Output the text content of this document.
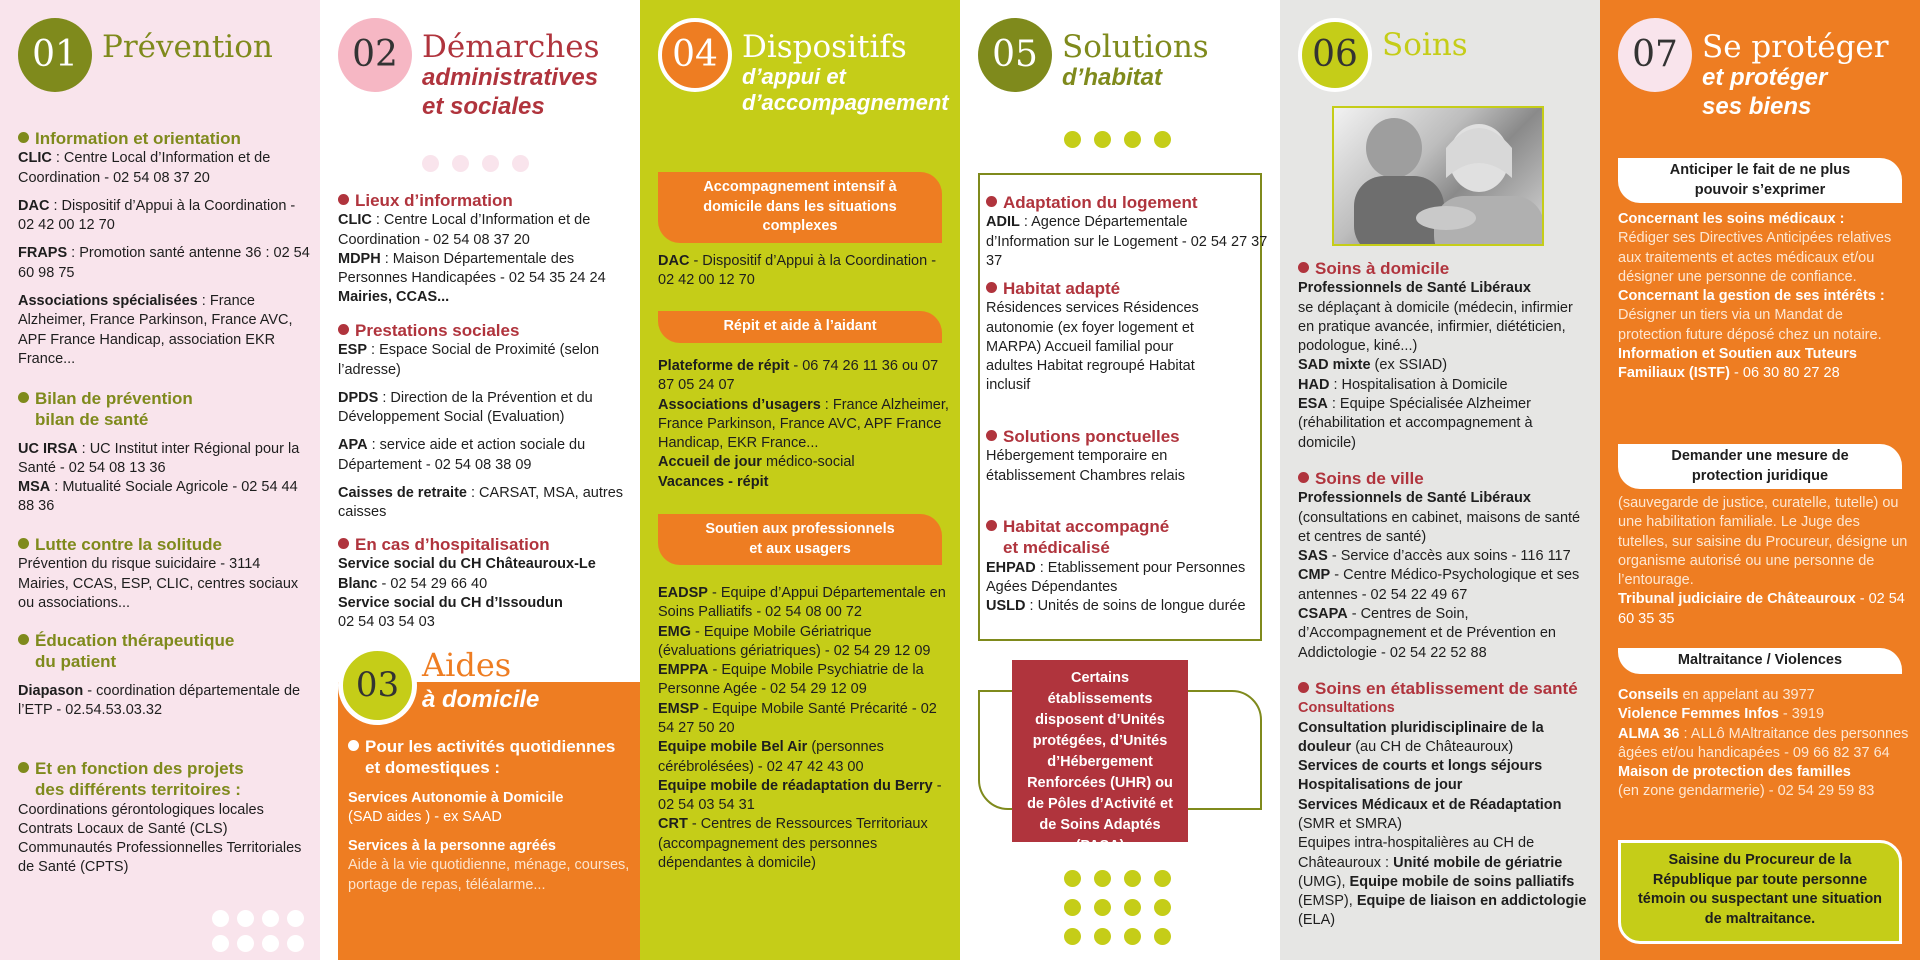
01 Prévention
Information et orientation

CLIC : Centre Local d’Information et de Coordination - 02 54 08 37 20

DAC : Dispositif d’Appui à la Coordination - 02 42 00 12 70

FRAPS : Promotion santé antenne 36 : 02 54 60 98 75

Associations spécialisées : France Alzheimer, France Parkinson, France AVC, APF France Handicap, association EKR France...

Bilan de prévention
bilan de santé

UC IRSA : UC Institut inter Régional pour la Santé - 02 54 08 13 36

MSA : Mutualité Sociale Agricole - 02 54 44 88 36

Lutte contre la solitude

Prévention du risque suicidaire - 3114 Mairies, CCAS, ESP, CLIC, centres sociaux ou associations...

Éducation thérapeutique
du patient

Diapason - coordination départementale de l’ETP - 02.54.53.03.32

Et en fonction des projets
des différents territoires :

Coordinations gérontologiques locales Contrats Locaux de Santé (CLS) Communautés Professionnelles Territoriales de Santé (CPTS)

02 Démarches
administratives
et sociales
Lieux d’information

CLIC : Centre Local d’Information et de Coordination - 02 54 08 37 20

MDPH : Maison Départementale des Personnes Handicapées - 02 54 35 24 24

Mairies, CCAS...

Prestations sociales

ESP : Espace Social de Proximité (selon l’adresse)

DPDS : Direction de la Prévention et du Développement Social (Evaluation)

APA : service aide et action sociale du Département - 02 54 08 38 09

Caisses de retraite : CARSAT, MSA, autres caisses

En cas d’hospitalisation

Service social du CH Châteauroux-Le Blanc - 02 54 29 66 40

Service social du CH d’Issoudun
02 54 03 54 03

03 Aides
à domicile
Pour les activités quotidiennes
et domestiques :

Services Autonomie à Domicile

(SAD aides ) - ex SAAD

Services à la personne agréés

Aide à la vie quotidienne, ménage, courses, portage de repas, téléalarme...

04 Dispositifs
d’appui et
d’accompagnement
Accompagnement intensif à domicile dans les situations complexes

DAC - Dispositif d’Appui à la Coordination - 02 42 00 12 70

Répit et aide à l’aidant

Plateforme de répit - 06 74 26 11 36 ou 07 87 05 24 07

Associations d’usagers : France Alzheimer, France Parkinson, France AVC, APF France Handicap, EKR France...

Accueil de jour médico-social

Vacances - répit

Soutien aux professionnels et aux usagers

EADSP - Equipe d’Appui Départementale en Soins Palliatifs - 02 54 08 00 72

EMG - Equipe Mobile Gériatrique (évaluations gériatriques) - 02 54 29 12 09

EMPPA - Equipe Mobile Psychiatrie de la Personne Agée - 02 54 29 12 09

EMSP - Equipe Mobile Santé Précarité - 02 54 27 50 20

Equipe mobile Bel Air (personnes cérébrolésées) - 02 47 42 43 00

Equipe mobile de réadaptation du Berry - 02 54 03 54 31

CRT - Centres de Ressources Territoriaux (accompagnement des personnes dépendantes à domicile)

05 Solutions
d’habitat
Adaptation du logement

ADIL : Agence Départementale d’Information sur le Logement - 02 54 27 37 37

Habitat adapté

Résidences services Résidences autonomie (ex foyer logement et MARPA) Accueil familial pour adultes Habitat regroupé Habitat inclusif

Solutions ponctuelles

Hébergement temporaire en établissement Chambres relais

Habitat accompagné
et médicalisé

EHPAD : Etablissement pour Personnes Agées Dépendantes

USLD : Unités de soins de longue durée

Certains établissements disposent d’Unités protégées, d’Unités d’Hébergement Renforcées (UHR) ou de Pôles d’Activité et de Soins Adaptés (PASA)
06 Soins
Soins à domicile

Professionnels de Santé Libéraux

se déplaçant à domicile (médecin, infirmier en pratique avancée, infirmier, diététicien, podologue, kiné...)

SAD mixte (ex SSIAD)

HAD : Hospitalisation à Domicile

ESA : Equipe Spécialisée Alzheimer (réhabilitation et accompagnement à domicile)

Soins de ville

Professionnels de Santé Libéraux

(consultations en cabinet, maisons de santé et centres de santé)

SAS - Service d’accès aux soins - 116 117

CMP - Centre Médico-Psychologique et ses antennes - 02 54 22 49 67

CSAPA - Centres de Soin, d’Accompagnement et de Prévention en Addictologie - 02 54 22 52 88

Soins en établissement de santé

Consultations

Consultation pluridisciplinaire de la douleur (au CH de Châteauroux)

Services de courts et longs séjours

Hospitalisations de jour

Services Médicaux et de Réadaptation (SMR et SMRA)

Equipes intra-hospitalières au CH de Châteauroux : Unité mobile de gériatrie (UMG), Equipe mobile de soins palliatifs (EMSP), Equipe de liaison en addictologie (ELA)

07 Se protéger
et protéger
ses biens
Anticiper le fait de ne plus pouvoir s’exprimer

Concernant les soins médicaux :

Rédiger ses Directives Anticipées relatives aux traitements et actes médicaux et/ou désigner une personne de confiance.

Concernant la gestion de ses intérêts :

Désigner un tiers via un Mandat de protection future déposé chez un notaire.

Information et Soutien aux Tuteurs Familiaux (ISTF) - 06 30 80 27 28

Demander une mesure de protection juridique

(sauvegarde de justice, curatelle, tutelle) ou une habilitation familiale. Le Juge des tutelles, sur saisine du Procureur, désigne un organisme autorisé ou une personne de l’entourage.

Tribunal judiciaire de Châteauroux - 02 54 60 35 35

Maltraitance / Violences

Conseils en appelant au 3977

Violence Femmes Infos - 3919

ALMA 36 : ALLô MAltraitance des personnes âgées et/ou handicapées - 09 66 82 37 64

Maison de protection des familles

(en zone gendarmerie) - 02 54 29 59 83

Saisine du Procureur de la République par toute personne témoin ou suspectant une situation de maltraitance.
